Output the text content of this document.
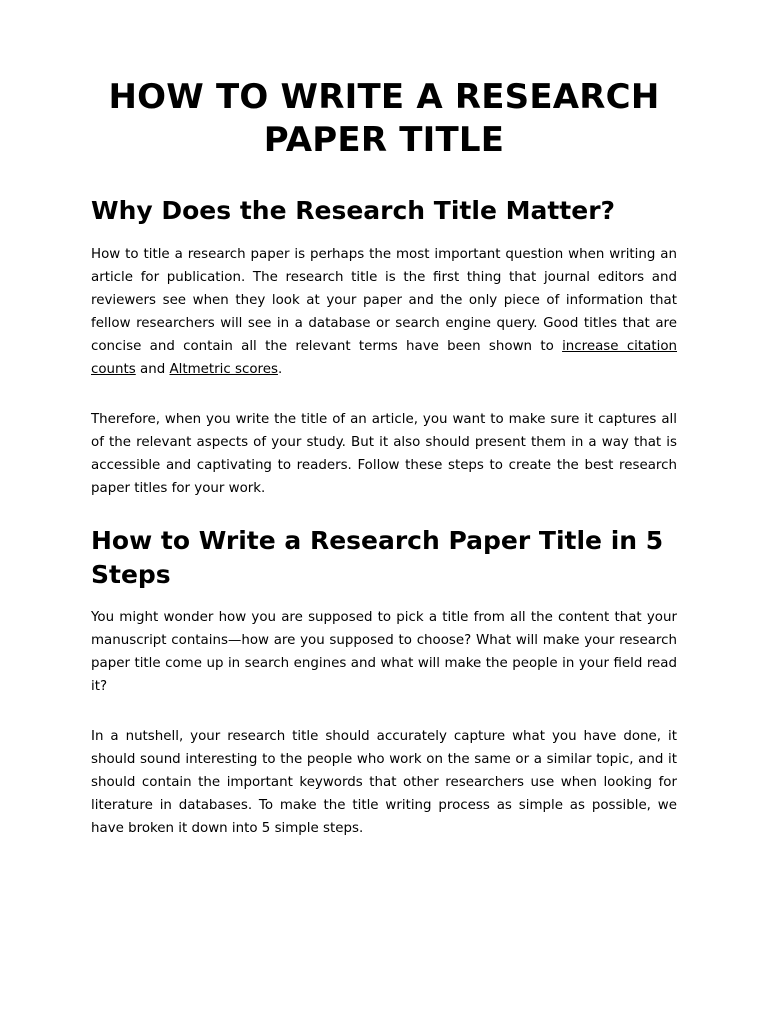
HOW TO WRITE A RESEARCH PAPER TITLE
Why Does the Research Title Matter?

How to title a research paper is perhaps the most important question when writing an article for publication. The research title is the first thing that journal editors and reviewers see when they look at your paper and the only piece of information that fellow researchers will see in a database or search engine query. Good titles that are concise and contain all the relevant terms have been shown to increase citation counts and Altmetric scores.

Therefore, when you write the title of an article, you want to make sure it captures all of the relevant aspects of your study. But it also should present them in a way that is accessible and captivating to readers. Follow these steps to create the best research paper titles for your work.

How to Write a Research Paper Title in 5 Steps

You might wonder how you are supposed to pick a title from all the content that your manuscript contains—how are you supposed to choose? What will make your research paper title come up in search engines and what will make the people in your field read it?

In a nutshell, your research title should accurately capture what you have done, it should sound interesting to the people who work on the same or a similar topic, and it should contain the important keywords that other researchers use when looking for literature in databases. To make the title writing process as simple as possible, we have broken it down into 5 simple steps.
